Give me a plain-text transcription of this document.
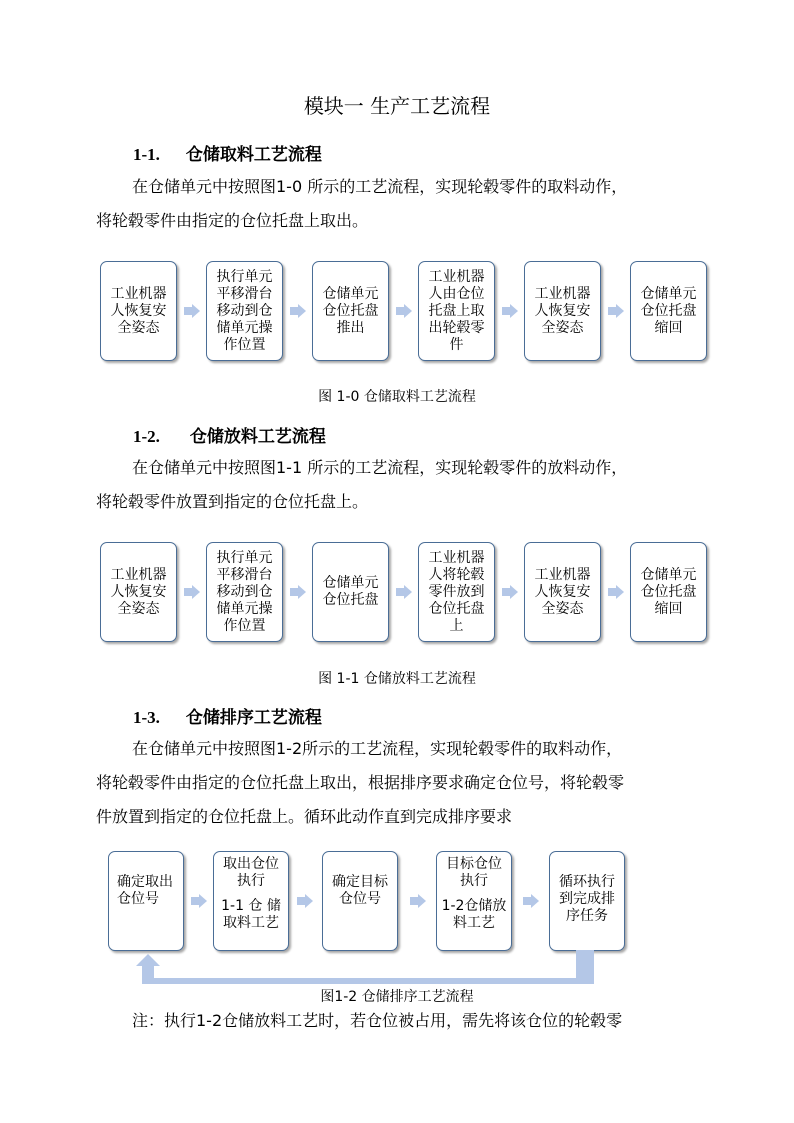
模块一 生产工艺流程
1-1. 仓储取料工艺流程
在仓储单元中按照图1-0 所示的工艺流程，实现轮毂零件的取料动作，
将轮毂零件由指定的仓位托盘上取出。
工业机器人恢复安全姿态
执行单元平移滑台移动到仓储单元操作位置
仓储单元仓位托盘推出
工业机器人由仓位托盘上取出轮毂零件
工业机器人恢复安全姿态
仓储单元仓位托盘缩回
图 1-0 仓储取料工艺流程
1-2. 仓储放料工艺流程
在仓储单元中按照图1-1 所示的工艺流程，实现轮毂零件的放料动作，
将轮毂零件放置到指定的仓位托盘上。
工业机器人恢复安全姿态
执行单元平移滑台移动到仓储单元操作位置
仓储单元仓位托盘
工业机器人将轮毂零件放到仓位托盘上
工业机器人恢复安全姿态
仓储单元仓位托盘缩回
图 1-1 仓储放料工艺流程
1-3. 仓储排序工艺流程
在仓储单元中按照图1-2所示的工艺流程，实现轮毂零件的取料动作，
将轮毂零件由指定的仓位托盘上取出，根据排序要求确定仓位号，将轮毂零
件放置到指定的仓位托盘上。循环此动作直到完成排序要求
确定取出仓位号
取出仓位执行
1-1 仓 储取料工艺
确定目标仓位号
目标仓位执行
1-2仓储放料工艺
循环执行到完成排序任务
图1-2 仓储排序工艺流程
注：执行1-2仓储放料工艺时，若仓位被占用，需先将该仓位的轮毂零
